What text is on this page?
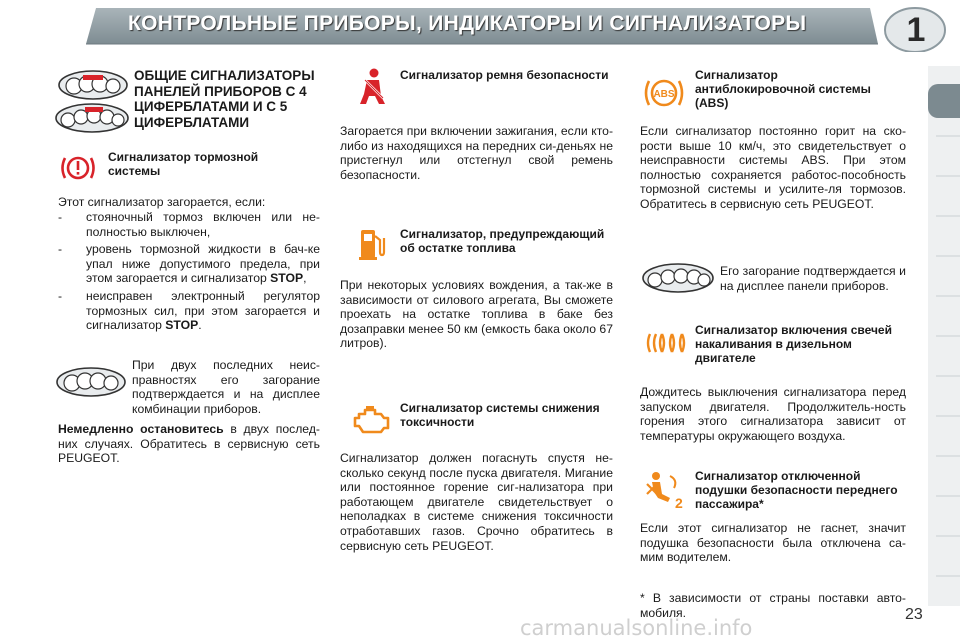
КОНТРОЛЬНЫЕ ПРИБОРЫ, ИНДИКАТОРЫ И СИГНАЛИЗАТОРЫ	1
ОБЩИЕ СИГНАЛИЗАТОРЫ ПАНЕЛЕЙ ПРИБОРОВ С 4 ЦИФЕРБЛАТАМИ И С 5 ЦИФЕРБЛАТАМИ
Сигнализатор тормозной системы
Этот сигнализатор загорается, если:
- стояночный тормоз включен или не-полностью выключен,
- уровень тормозной жидкости в бач-ке упал ниже допустимого предела, при этом загорается и сигнализатор STOP,
- неисправен электронный регулятор тормозных сил, при этом загорается и сигнализатор STOP.
При двух последних неис-правностях его загорание подтверждается и на дисплее комбинации приборов.
Немедленно остановитесь в двух послед-них случаях. Обратитесь в сервисную сеть PEUGEOT.
Сигнализатор ремня безопасности
Загорается при включении зажигания, если кто-либо из находящихся на передних си-деньях не пристегнул или отстегнул свой ремень безопасности.
Сигнализатор, предупреждающий об остатке топлива
При некоторых условиях вождения, а так-же в зависимости от силового агрегата, Вы сможете проехать на остатке топлива в баке без дозаправки менее 50 км (емкость бака около 67 литров).
Сигнализатор системы снижения токсичности
Сигнализатор должен погаснуть спустя не-сколько секунд после пуска двигателя. Мигание или постоянное горение сиг-нализатора при работающем двигателе свидетельствует о неполадках в системе снижения токсичности отработавших газов. Срочно обратитесь в сервисную сеть PEUGEOT.
ABS
Сигнализатор антиблокировочной системы (ABS)
Если сигнализатор постоянно горит на ско-рости выше 10 км/ч, это свидетельствует о неисправности системы ABS. При этом полностью сохраняется работос-пособность тормозной системы и усилите-ля тормозов. Обратитесь в сервисную сеть PEUGEOT.
Его загорание подтверждается и на дисплее панели приборов.
Сигнализатор включения свечей накаливания в дизельном двигателе
Дождитесь выключения сигнализатора перед запуском двигателя. Продолжитель-ность горения этого сигнализатора зависит от температуры окружающего воздуха.
2
Сигнализатор отключенной подушки безопасности переднего пассажира*
Если этот сигнализатор не гаснет, значит подушка безопасности была отключена са-мим водителем.
* В зависимости от страны поставки авто-мобиля.	23
carmanualsonline.info
